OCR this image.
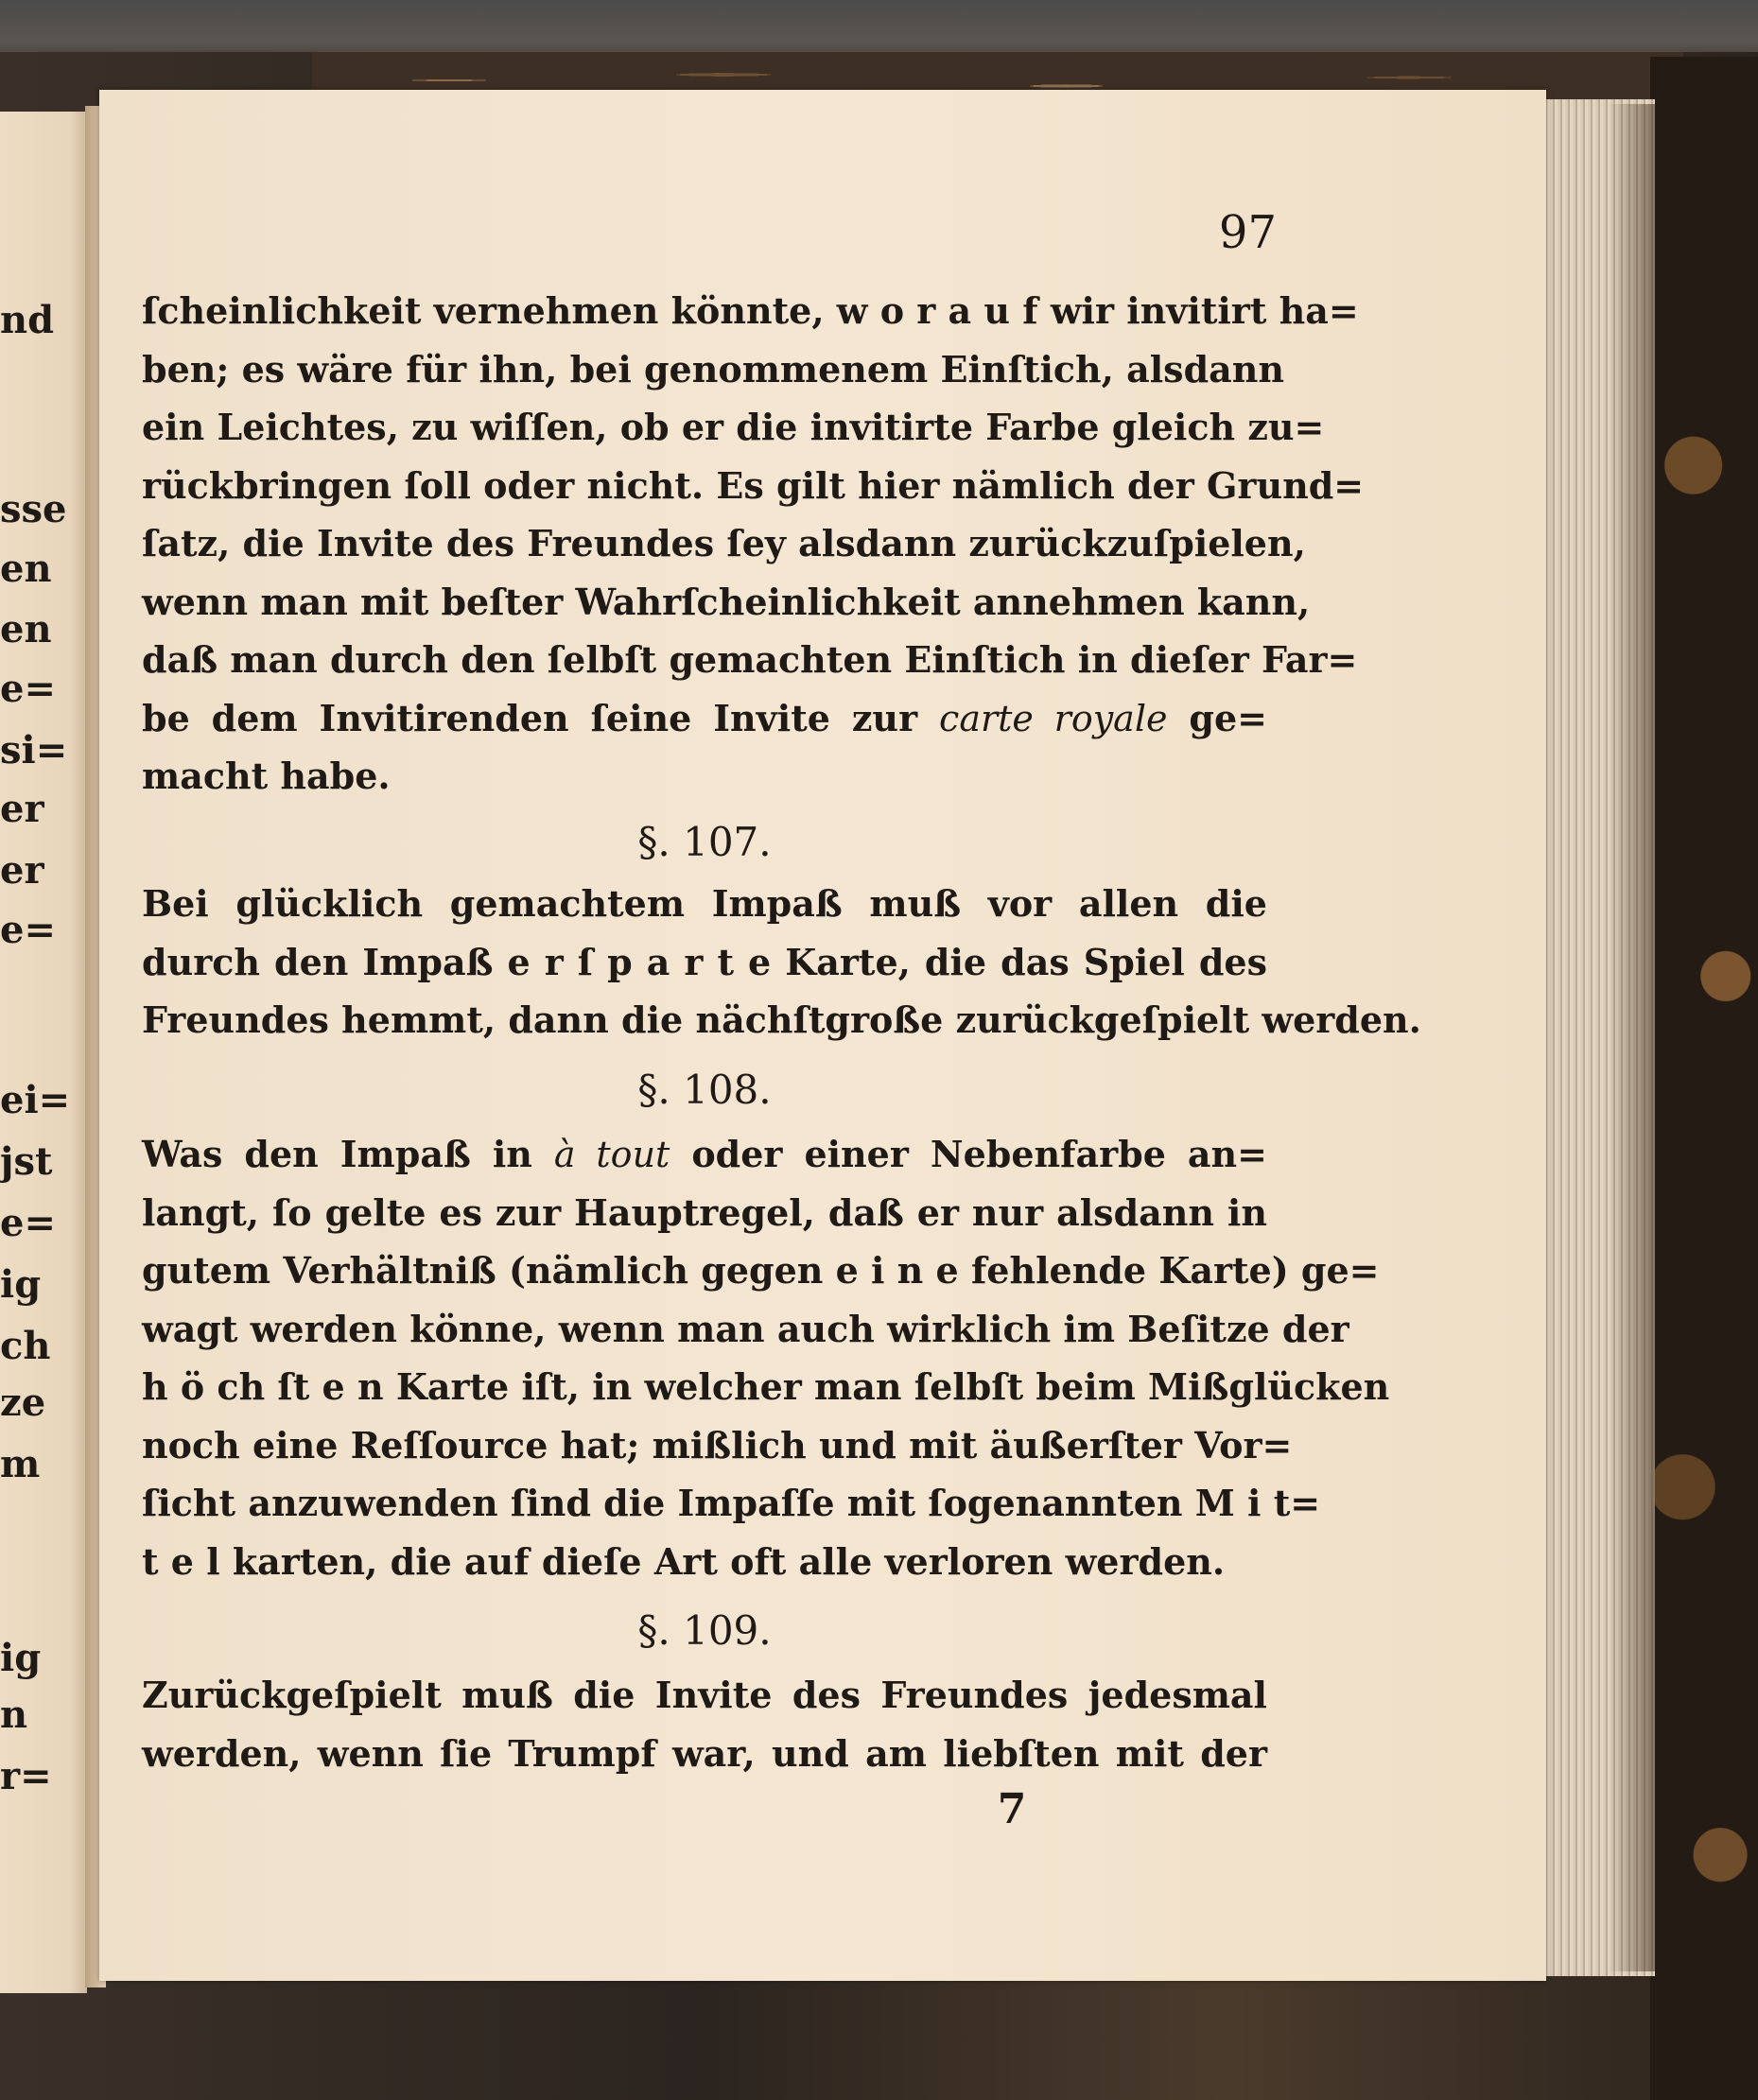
nd
sse
en
en
e=
si=
er
er
e=
ei=
jst
e=
ig
ch
ze
m
ig
n
r=
97
ſcheinlichkeit vernehmen könnte, w o r a u f wir invitirt ha=
ben; es wäre für ihn, bei genommenem Einſtich, alsdann
ein Leichtes, zu wiſſen, ob er die invitirte Farbe gleich zu=
rückbringen ſoll oder nicht. Es gilt hier nämlich der Grund=
ſatz, die Invite des Freundes ſey alsdann zurückzuſpielen,
wenn man mit beſter Wahrſcheinlichkeit annehmen kann,
daß man durch den ſelbſt gemachten Einſtich in dieſer Far=
be dem Invitirenden ſeine Invite zur carte royale ge=
macht habe.
§. 107.
Bei glücklich gemachtem Impaß muß vor allen die
durch den Impaß e r ſ p a r t e Karte, die das Spiel des
Freundes hemmt, dann die nächſtgroße zurückgeſpielt werden.
§. 108.
Was den Impaß in à tout oder einer Nebenfarbe an=
langt, ſo gelte es zur Hauptregel, daß er nur alsdann in
gutem Verhältniß (nämlich gegen e i n e fehlende Karte) ge=
wagt werden könne, wenn man auch wirklich im Beſitze der
h ö ch ſt e n Karte iſt, in welcher man ſelbſt beim Mißglücken
noch eine Reſſource hat; mißlich und mit äußerſter Vor=
ſicht anzuwenden ſind die Impaſſe mit ſogenannten M i t=
t e l karten, die auf dieſe Art oft alle verloren werden.
§. 109.
Zurückgeſpielt muß die Invite des Freundes jedesmal
werden, wenn ſie Trumpf war, und am liebſten mit der
7
